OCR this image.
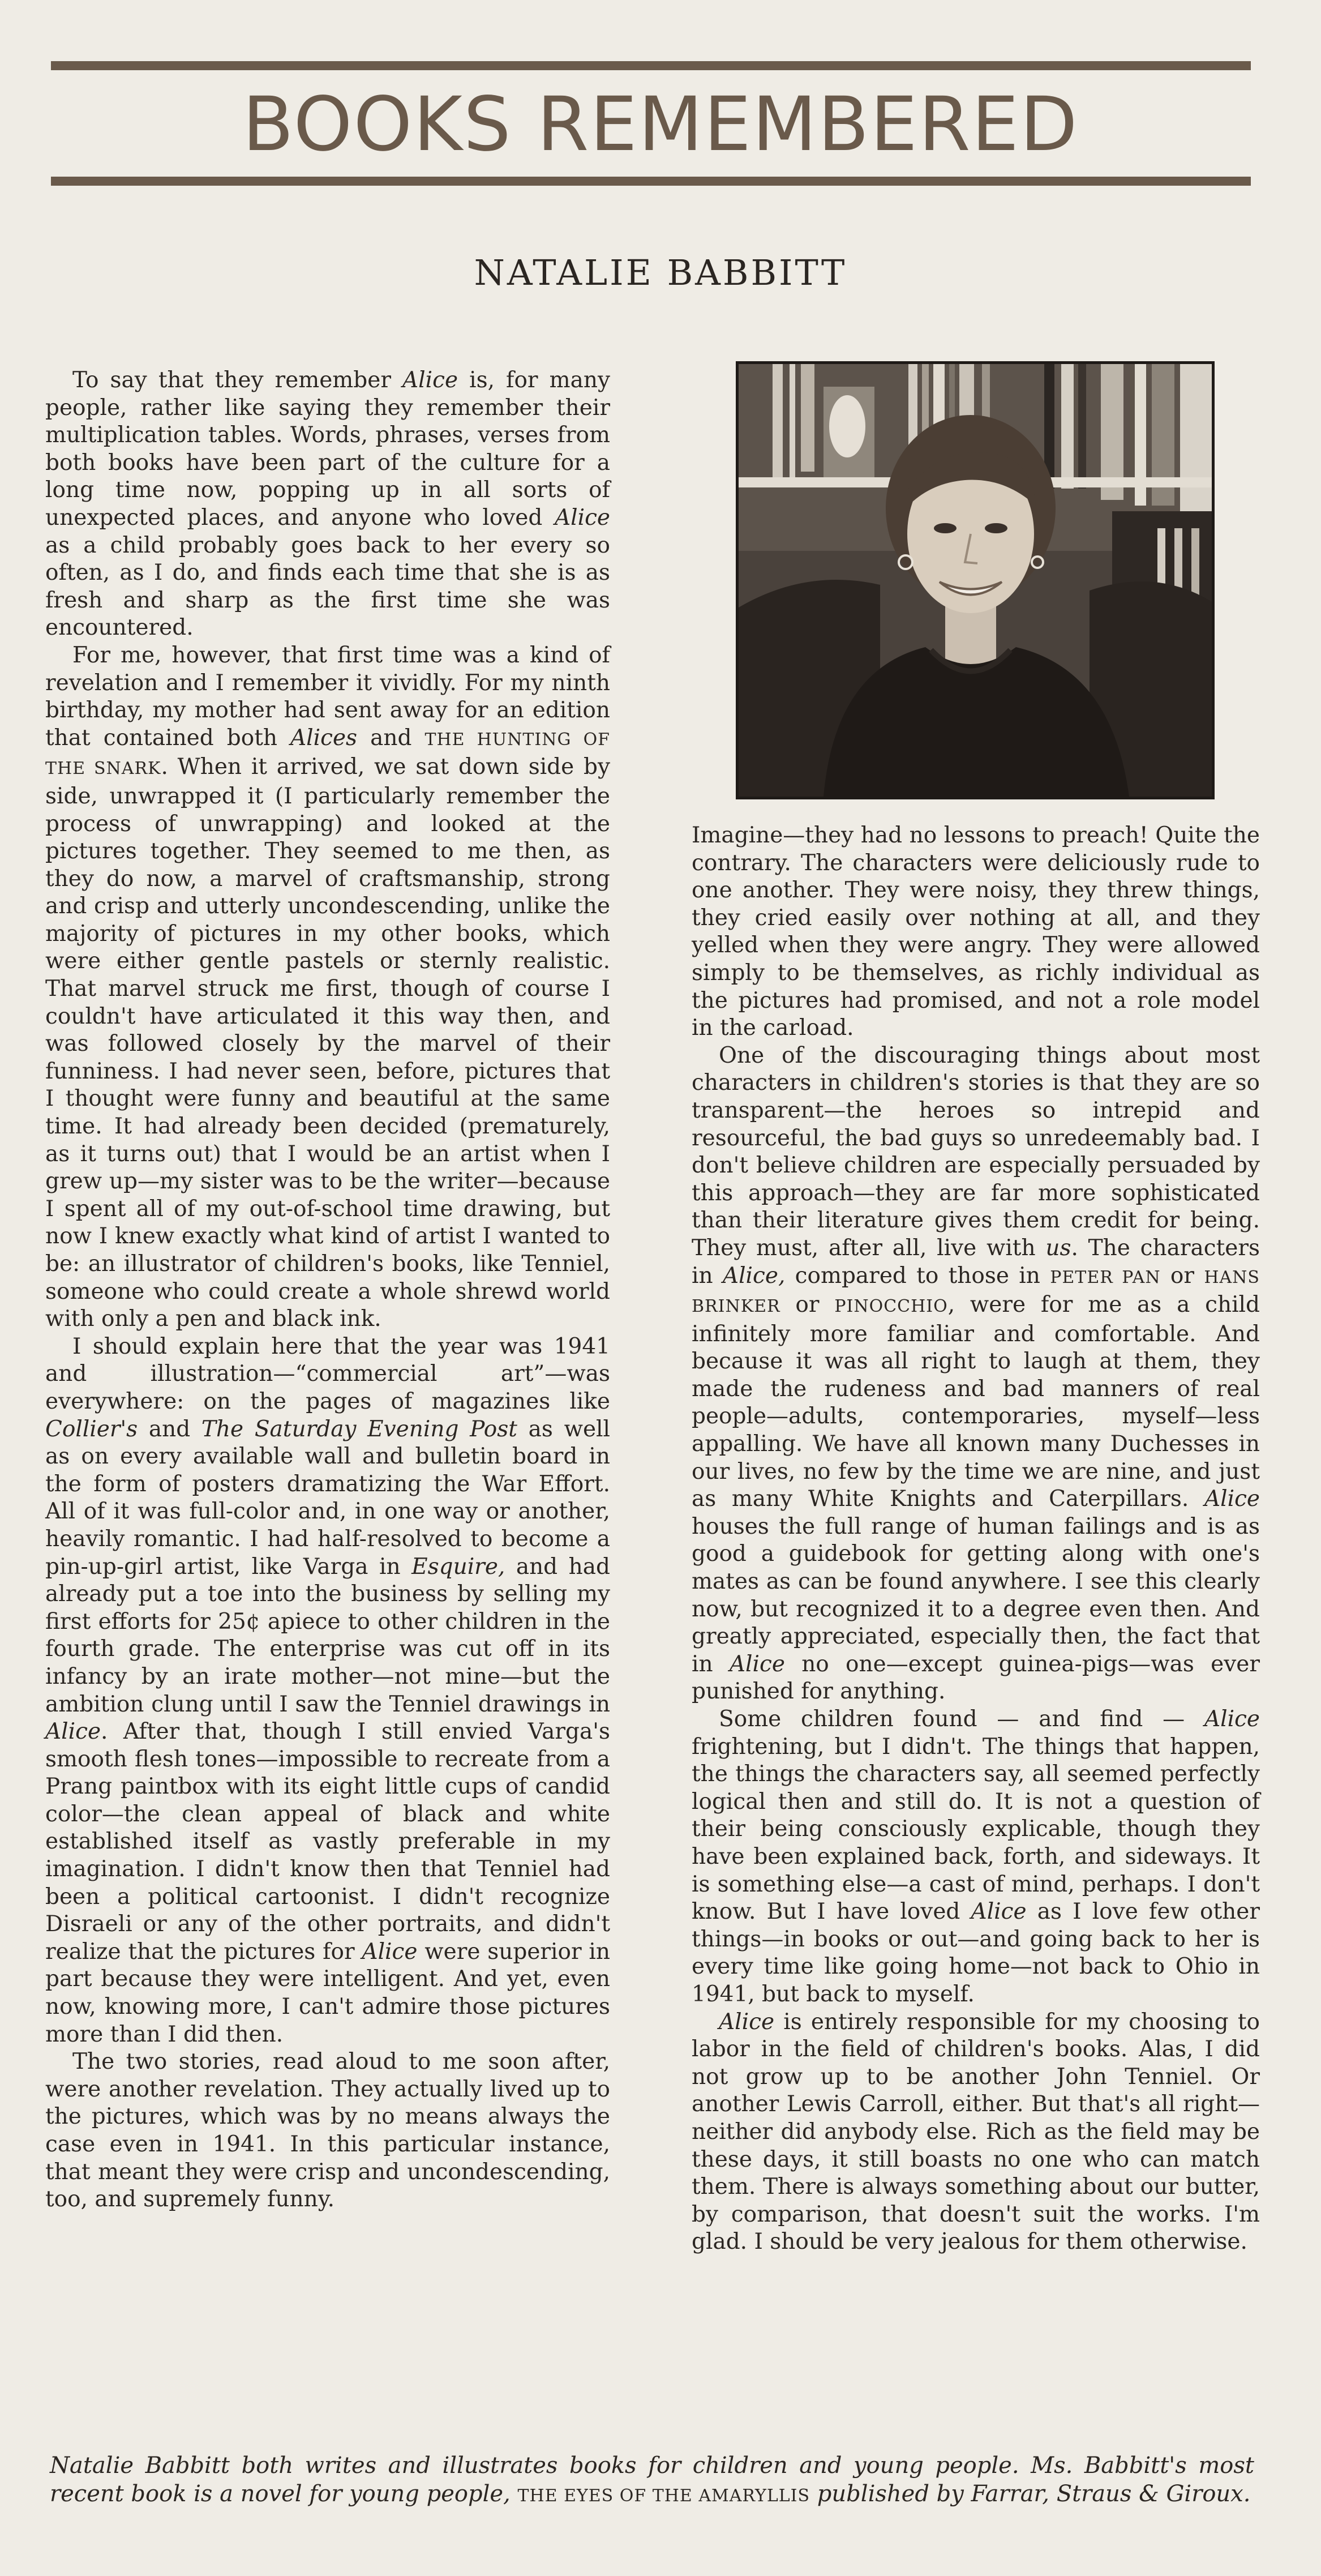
BOOKS REMEMBERED
NATALIE BABBITT

To say that they remember Alice is, for many people, rather like saying they remember their multiplication tables. Words, phrases, verses from both books have been part of the culture for a long time now, popping up in all sorts of unexpected places, and anyone who loved Alice as a child probably goes back to her every so often, as I do, and finds each time that she is as fresh and sharp as the first time she was encountered.

For me, however, that first time was a kind of revelation and I remember it vividly. For my ninth birthday, my mother had sent away for an edition that contained both Alices and THE HUNTING OF THE SNARK. When it arrived, we sat down side by side, unwrapped it (I particularly remember the process of unwrapping) and looked at the pictures together. They seemed to me then, as they do now, a marvel of craftsmanship, strong and crisp and utterly uncondescending, unlike the majority of pictures in my other books, which were either gentle pastels or sternly realistic. That marvel struck me first, though of course I couldn't have articulated it this way then, and was followed closely by the marvel of their funniness. I had never seen, before, pictures that I thought were funny and beautiful at the same time. It had already been decided (prematurely, as it turns out) that I would be an artist when I grew up—my sister was to be the writer—because I spent all of my out-of-school time drawing, but now I knew exactly what kind of artist I wanted to be: an illustrator of children's books, like Tenniel, someone who could create a whole shrewd world with only a pen and black ink.

I should explain here that the year was 1941 and illustration—“commercial art”—was everywhere: on the pages of magazines like Collier's and The Saturday Evening Post as well as on every available wall and bulletin board in the form of posters dramatizing the War Effort. All of it was full-color and, in one way or another, heavily romantic. I had half-resolved to become a pin-up-girl artist, like Varga in Esquire, and had already put a toe into the business by selling my first efforts for 25¢ apiece to other children in the fourth grade. The enterprise was cut off in its infancy by an irate mother—not mine—but the ambition clung until I saw the Tenniel drawings in Alice. After that, though I still envied Varga's smooth flesh tones—impossible to recreate from a Prang paintbox with its eight little cups of candid color—the clean appeal of black and white established itself as vastly preferable in my imagination. I didn't know then that Tenniel had been a political cartoonist. I didn't recognize Disraeli or any of the other portraits, and didn't realize that the pictures for Alice were superior in part because they were intelligent. And yet, even now, knowing more, I can't admire those pictures more than I did then.

The two stories, read aloud to me soon after, were another revelation. They actually lived up to the pictures, which was by no means always the case even in 1941. In this particular instance, that meant they were crisp and uncondescending, too, and supremely funny.

Imagine—they had no lessons to preach! Quite the contrary. The characters were deliciously rude to one another. They were noisy, they threw things, they cried easily over nothing at all, and they yelled when they were angry. They were allowed simply to be themselves, as richly individual as the pictures had promised, and not a role model in the carload.

One of the discouraging things about most characters in children's stories is that they are so transparent—the heroes so intrepid and resourceful, the bad guys so unredeemably bad. I don't believe children are especially persuaded by this approach—they are far more sophisticated than their literature gives them credit for being. They must, after all, live with us. The characters in Alice, compared to those in PETER PAN or HANS BRINKER or PINOCCHIO, were for me as a child infinitely more familiar and comfortable. And because it was all right to laugh at them, they made the rudeness and bad manners of real people—adults, contemporaries, myself—less appalling. We have all known many Duchesses in our lives, no few by the time we are nine, and just as many White Knights and Caterpillars. Alice houses the full range of human failings and is as good a guidebook for getting along with one's mates as can be found anywhere. I see this clearly now, but recognized it to a degree even then. And greatly appreciated, especially then, the fact that in Alice no one—except guinea-pigs—was ever punished for anything.

Some children found — and find — Alice frightening, but I didn't. The things that happen, the things the characters say, all seemed perfectly logical then and still do. It is not a question of their being consciously explicable, though they have been explained back, forth, and sideways. It is something else—a cast of mind, perhaps. I don't know. But I have loved Alice as I love few other things—in books or out—and going back to her is every time like going home—not back to Ohio in 1941, but back to myself.

Alice is entirely responsible for my choosing to labor in the field of children's books. Alas, I did not grow up to be another John Tenniel. Or another Lewis Carroll, either. But that's all right—neither did anybody else. Rich as the field may be these days, it still boasts no one who can match them. There is always something about our butter, by comparison, that doesn't suit the works. I'm glad. I should be very jealous for them otherwise.

Natalie Babbitt both writes and illustrates books for children and young people. Ms. Babbitt's most recent book is a novel for young people, THE EYES OF THE AMARYLLIS published by Farrar, Straus & Giroux.
